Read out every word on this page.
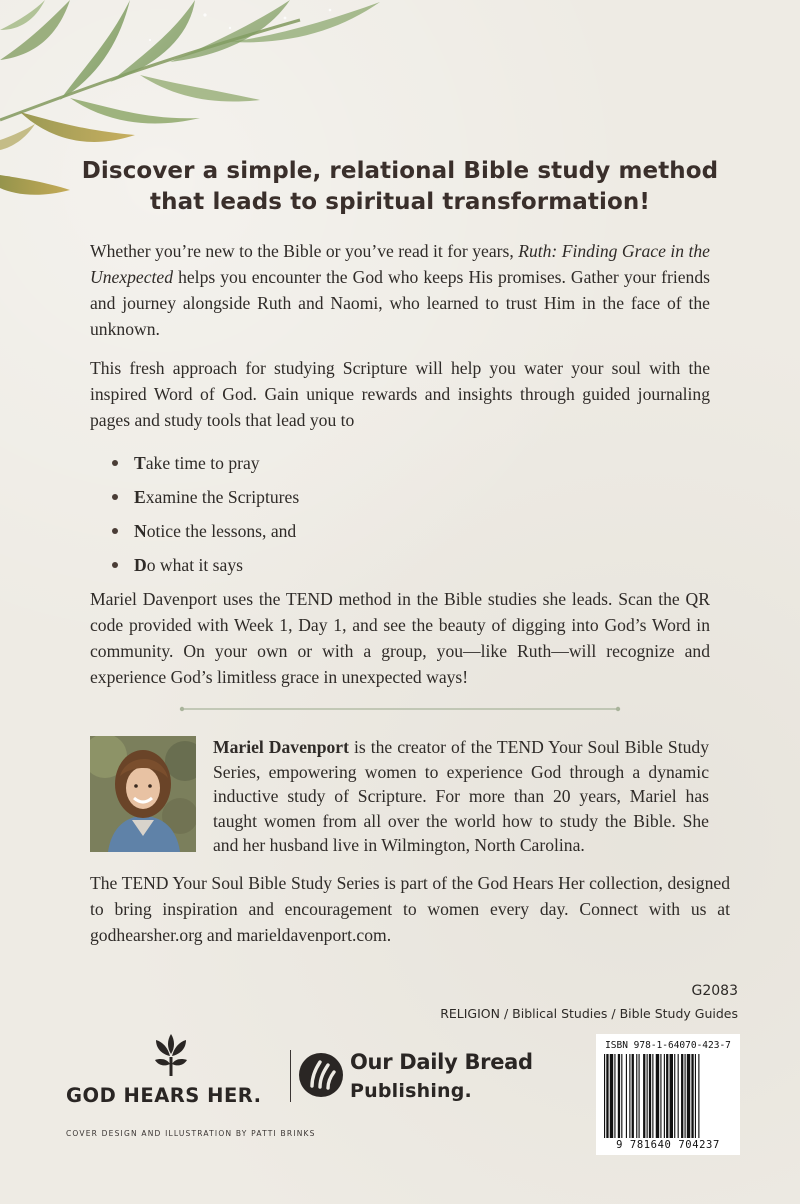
Discover a simple, relational Bible study method
that leads to spiritual transformation!
Whether you’re new to the Bible or you’ve read it for years, Ruth: Finding Grace in the Unexpected helps you encounter the God who keeps His promises. Gather your friends and journey alongside Ruth and Naomi, who learned to trust Him in the face of the unknown.
This fresh approach for studying Scripture will help you water your soul with the inspired Word of God. Gain unique rewards and insights through guided journaling pages and study tools that lead you to
Take time to pray
Examine the Scriptures
Notice the lessons, and
Do what it says
Mariel Davenport uses the TEND method in the Bible studies she leads. Scan the QR code provided with Week 1, Day 1, and see the beauty of digging into God’s Word in community. On your own or with a group, you—like Ruth—will recognize and experience God’s limitless grace in unexpected ways!
Mariel Davenport is the creator of the TEND Your Soul Bible Study Series, empowering women to experience God through a dynamic inductive study of Scripture. For more than 20 years, Mariel has taught women from all over the world how to study the Bible. She and her husband live in Wilmington, North Carolina.
The TEND Your Soul Bible Study Series is part of the God Hears Her collection, designed to bring inspiration and encouragement to women every day. Connect with us at godhearsher.org and marieldavenport.com.
G2083
RELIGION / Biblical Studies / Bible Study Guides
GOD HEARS HER.
Our Daily Bread
Publishing.
COVER DESIGN AND ILLUSTRATION BY PATTI BRINKS
ISBN 978-1-64070-423-7
9 781640 704237
